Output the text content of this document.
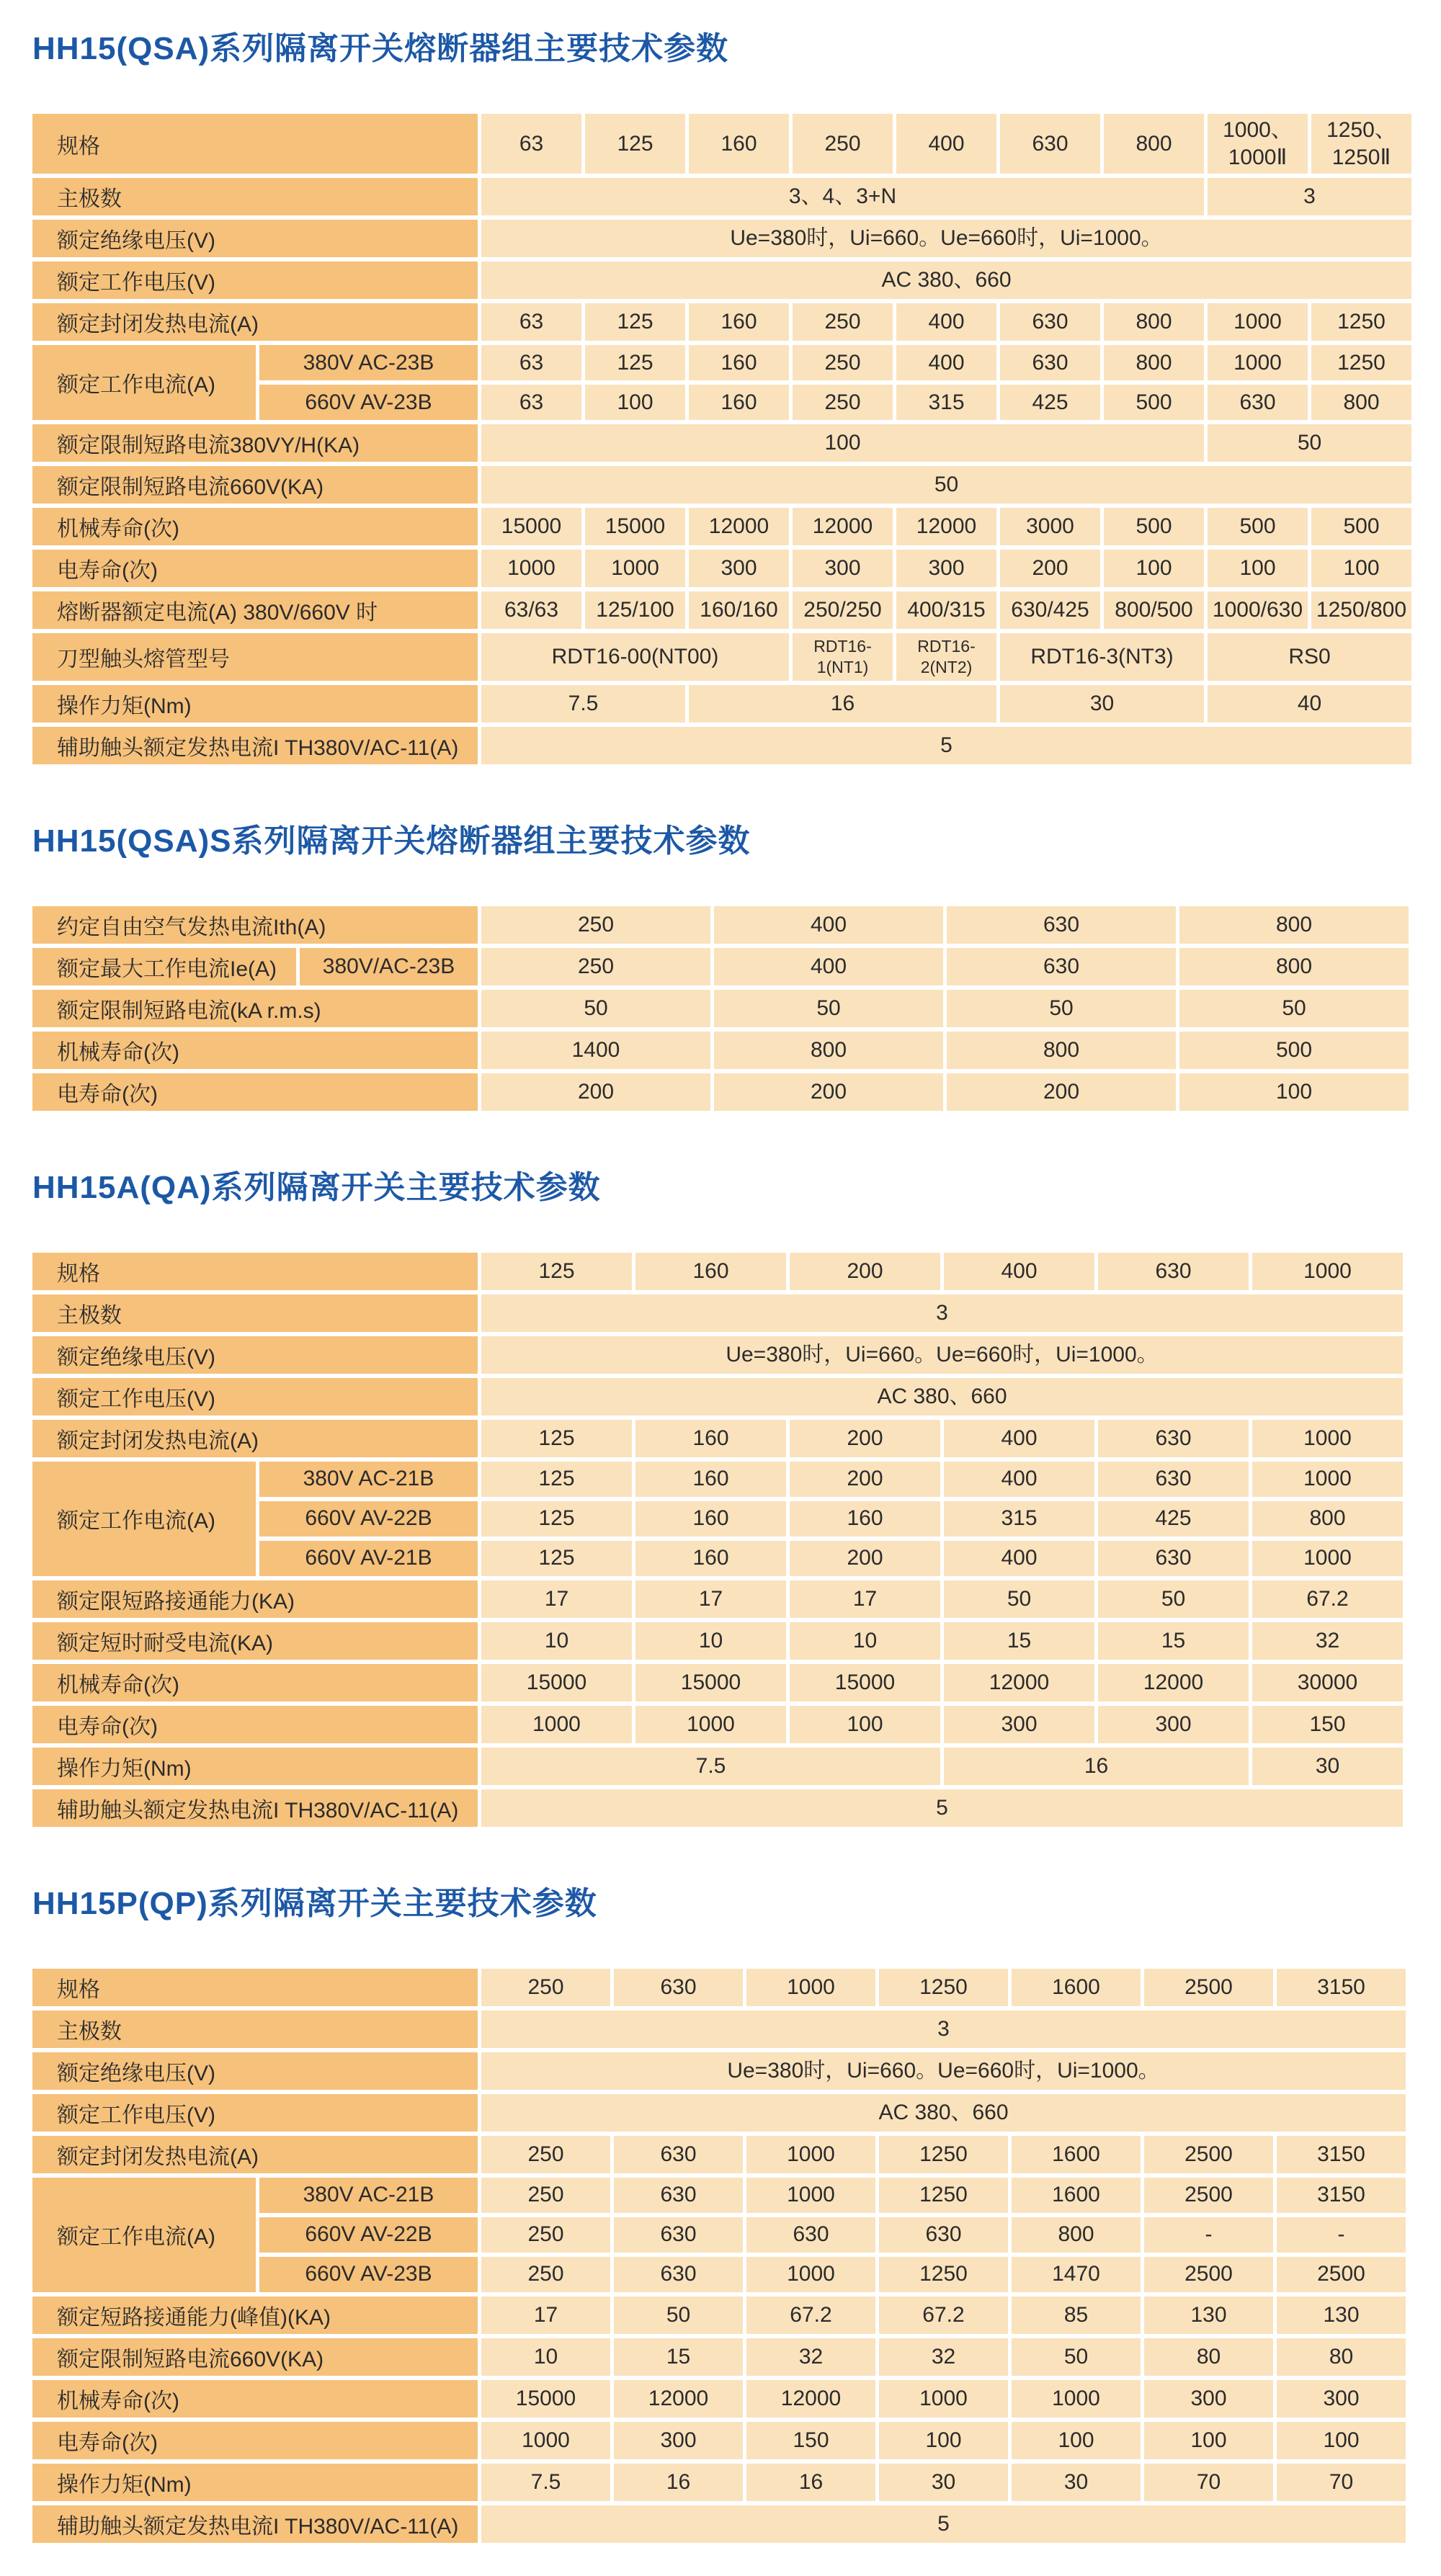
HH15(QSA)系列隔离开关熔断器组主要技术参数
规格		63	125	160	250	400	630	800	1000、1000Ⅱ	1250、1250Ⅱ
主极数		3、4、3+N							3	
额定绝缘电压(V)		Ue=380时，Ui=660。Ue=660时，Ui=1000。								
额定工作电压(V)		AC 380、660								
额定封闭发热电流(A)		63	125	160	250	400	630	800	1000	1250
额定工作电流(A)	380V AC-23B	63	125	160	250	400	630	800	1000	1250
	660V AV-23B	63	100	160	250	315	425	500	630	800
额定限制短路电流380VY/H(KA)		100							50	
额定限制短路电流660V(KA)		50								
机械寿命(次)		15000	15000	12000	12000	12000	3000	500	500	500
电寿命(次)		1000	1000	300	300	300	200	100	100	100
熔断器额定电流(A) 380V/660V 时		63/63	125/100	160/160	250/250	400/315	630/425	800/500	1000/630	1250/800
刀型触头熔管型号		RDT16-00(NT00)			RDT16-1(NT1)	RDT16-2(NT2)	RDT16-3(NT3)		RS0	
操作力矩(Nm)		7.5		16			30		40	
辅助触头额定发热电流I TH380V/AC-11(A)		5								
HH15(QSA)S系列隔离开关熔断器组主要技术参数
约定自由空气发热电流Ith(A)		250	400	630	800
额定最大工作电流Ie(A)	380V/AC-23B	250	400	630	800
额定限制短路电流(kA r.m.s)		50	50	50	50
机械寿命(次)		1400	800	800	500
电寿命(次)		200	200	200	100
HH15A(QA)系列隔离开关主要技术参数
规格		125	160	200	400	630	1000
主极数		3					
额定绝缘电压(V)		Ue=380时，Ui=660。Ue=660时，Ui=1000。					
额定工作电压(V)		AC 380、660					
额定封闭发热电流(A)		125	160	200	400	630	1000
额定工作电流(A)	380V AC-21B	125	160	200	400	630	1000
	660V AV-22B	125	160	160	315	425	800
	660V AV-21B	125	160	200	400	630	1000
额定限短路接通能力(KA)		17	17	17	50	50	67.2
额定短时耐受电流(KA)		10	10	10	15	15	32
机械寿命(次)		15000	15000	15000	12000	12000	30000
电寿命(次)		1000	1000	100	300	300	150
操作力矩(Nm)		7.5			16		30
辅助触头额定发热电流I TH380V/AC-11(A)		5					
HH15P(QP)系列隔离开关主要技术参数
规格		250	630	1000	1250	1600	2500	3150
主极数		3						
额定绝缘电压(V)		Ue=380时，Ui=660。Ue=660时，Ui=1000。						
额定工作电压(V)		AC 380、660						
额定封闭发热电流(A)		250	630	1000	1250	1600	2500	3150
额定工作电流(A)	380V AC-21B	250	630	1000	1250	1600	2500	3150
	660V AV-22B	250	630	630	630	800	-	-
	660V AV-23B	250	630	1000	1250	1470	2500	2500
额定短路接通能力(峰值)(KA)		17	50	67.2	67.2	85	130	130
额定限制短路电流660V(KA)		10	15	32	32	50	80	80
机械寿命(次)		15000	12000	12000	1000	1000	300	300
电寿命(次)		1000	300	150	100	100	100	100
操作力矩(Nm)		7.5	16	16	30	30	70	70
辅助触头额定发热电流I TH380V/AC-11(A)		5						
